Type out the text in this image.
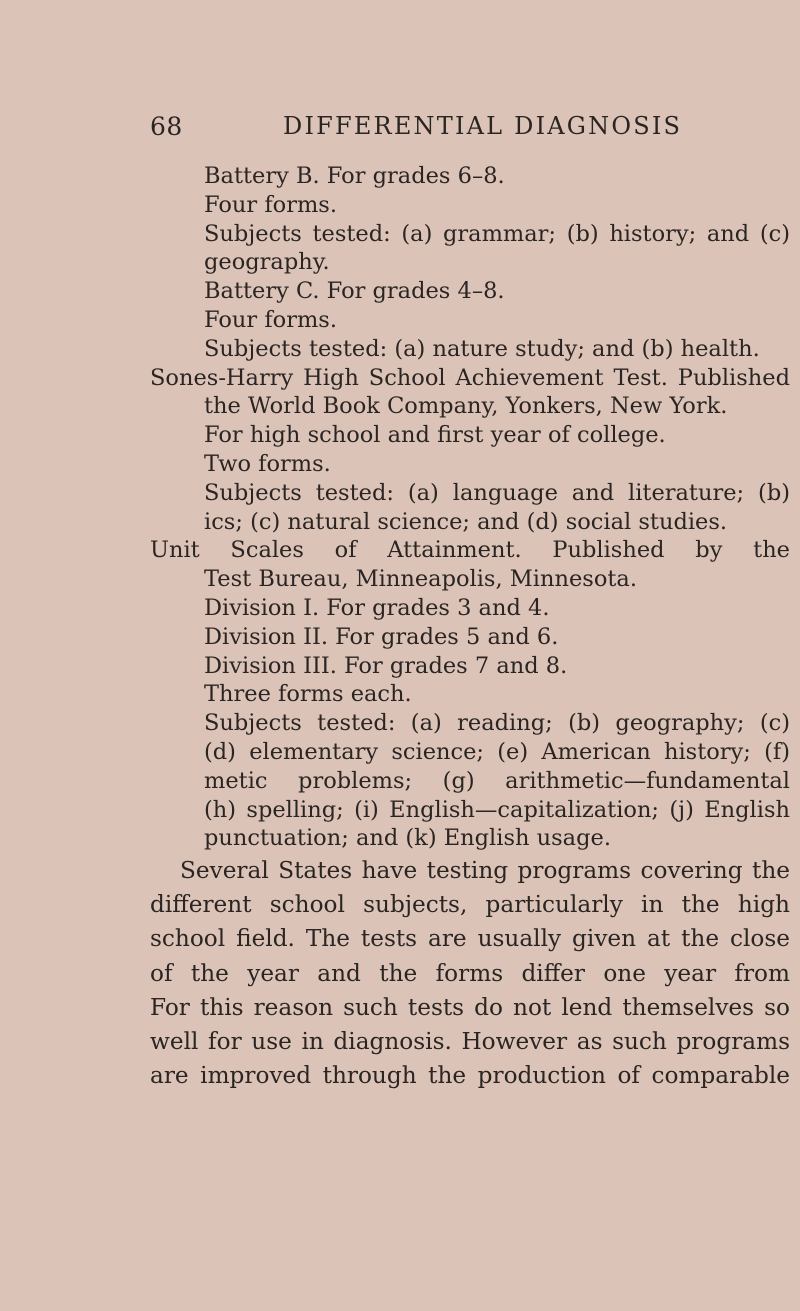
68	DIFFERENTIAL DIAGNOSIS
Battery B. For grades 6–8.
Four forms.
Subjects tested: (a) grammar; (b) history; and (c)
geography.
Battery C. For grades 4–8.
Four forms.
Subjects tested: (a) nature study; and (b) health.
Sones-Harry High School Achievement Test. Published
the World Book Company, Yonkers, New York.
For high school and first year of college.
Two forms.
Subjects tested: (a) language and literature; (b)
ics; (c) natural science; and (d) social studies.
Unit Scales of Attainment. Published by the
Test Bureau, Minneapolis, Minnesota.
Division I. For grades 3 and 4.
Division II. For grades 5 and 6.
Division III. For grades 7 and 8.
Three forms each.
Subjects tested: (a) reading; (b) geography; (c)
(d) elementary science; (e) American history; (f)
metic problems; (g) arithmetic—fundamental
(h) spelling; (i) English—capitalization; (j) English
punctuation; and (k) English usage.
Several States have testing programs covering the
different school subjects, particularly in the high
school field. The tests are usually given at the close
of the year and the forms differ one year from
For this reason such tests do not lend themselves so
well for use in diagnosis. However as such programs
are improved through the production of comparable
